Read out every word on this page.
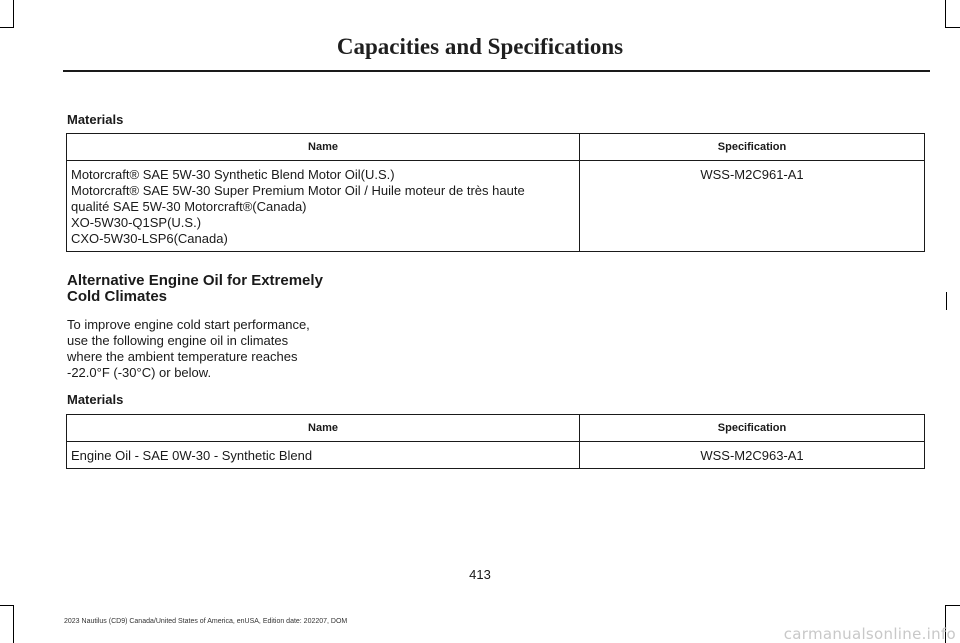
Capacities and Specifications

Materials

Name	Specification

Motorcraft® SAE 5W-30 Synthetic Blend Motor Oil(U.S.)
Motorcraft® SAE 5W-30 Super Premium Motor Oil / Huile moteur de très haute
qualité SAE 5W-30 Motorcraft®(Canada)
XO-5W30-Q1SP(U.S.)
CXO-5W30-LSP6(Canada)	WSS-M2C961-A1
Alternative Engine Oil for Extremely
Cold Climates

To improve engine cold start performance,
use the following engine oil in climates
where the ambient temperature reaches
-22.0°F (-30°C) or below.

Materials

Name	Specification
Engine Oil - SAE 0W-30 - Synthetic Blend	WSS-M2C963-A1

413

2023 Nautilus (CD9) Canada/United States of America, enUSA, Edition date: 202207, DOM

carmanualsonline.info
